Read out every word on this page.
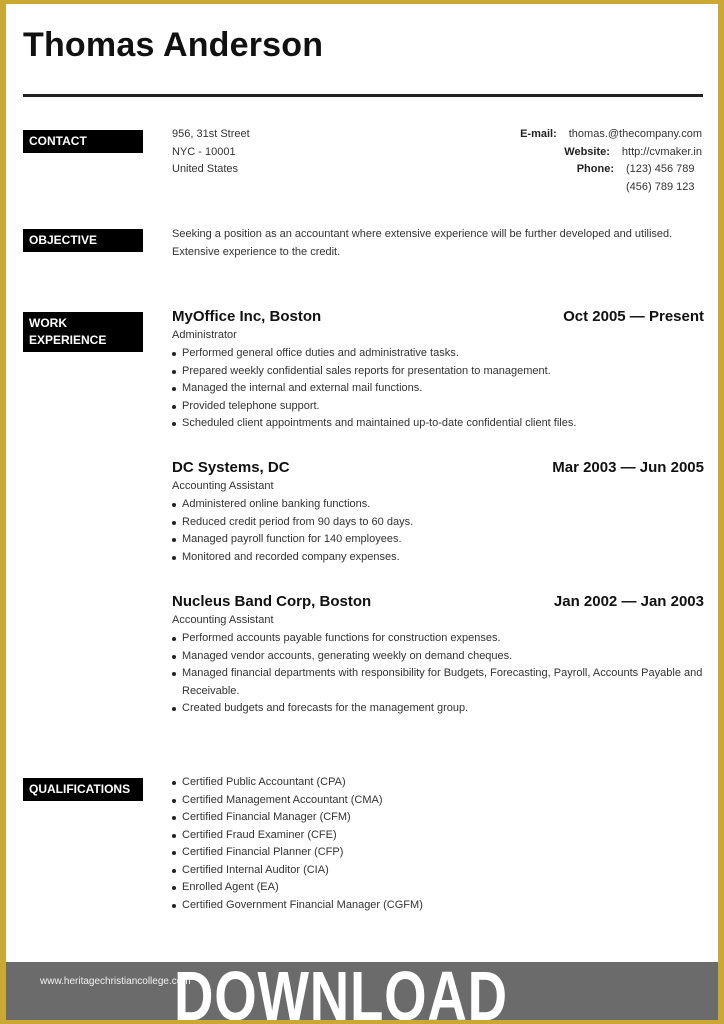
Thomas Anderson
CONTACT	956, 31st Street
NYC - 10001
United States
E-mail: thomas.@thecompany.com
Website: http://cvmaker.in
Phone: (123) 456 789
(456) 789 123
OBJECTIVE	Seeking a position as an accountant where extensive experience will be further developed and utilised. Extensive experience to the credit.
WORK
EXPERIENCE
MyOffice Inc, Boston	Oct 2005 — Present
Administrator
Performed general office duties and administrative tasks.
Prepared weekly confidential sales reports for presentation to management.
Managed the internal and external mail functions.
Provided telephone support.
Scheduled client appointments and maintained up-to-date confidential client files.
DC Systems, DC	Mar 2003 — Jun 2005
Accounting Assistant
Administered online banking functions.
Reduced credit period from 90 days to 60 days.
Managed payroll function for 140 employees.
Monitored and recorded company expenses.
Nucleus Band Corp, Boston	Jan 2002 — Jan 2003
Accounting Assistant
Performed accounts payable functions for construction expenses.
Managed vendor accounts, generating weekly on demand cheques.
Managed financial departments with responsibility for Budgets, Forecasting, Payroll, Accounts Payable and Receivable.
Created budgets and forecasts for the management group.
QUALIFICATIONS	Certified Public Accountant (CPA)
Certified Management Accountant (CMA)
Certified Financial Manager (CFM)
Certified Fraud Examiner (CFE)
Certified Financial Planner (CFP)
Certified Internal Auditor (CIA)
Enrolled Agent (EA)
Certified Government Financial Manager (CGFM)
www.heritagechristiancollege.com
DOWNLOAD
